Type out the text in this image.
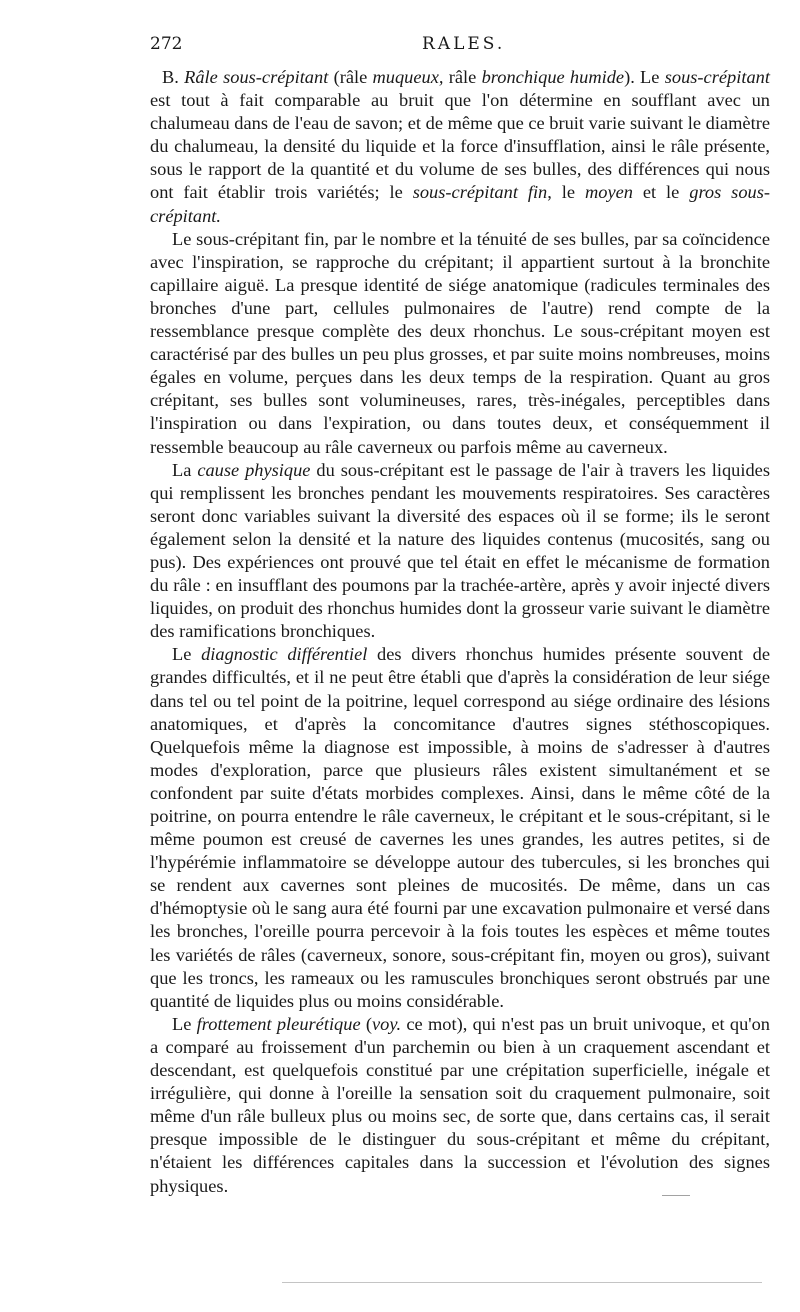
272	RALES.

B. Râle sous-crépitant (râle muqueux, râle bronchique humide). Le sous-crépitant est tout à fait comparable au bruit que l'on détermine en soufflant avec un chalumeau dans de l'eau de savon; et de même que ce bruit varie suivant le diamètre du chalumeau, la densité du liquide et la force d'insufflation, ainsi le râle présente, sous le rapport de la quantité et du volume de ses bulles, des différences qui nous ont fait établir trois variétés; le sous-crépitant fin, le moyen et le gros sous-crépitant.

Le sous-crépitant fin, par le nombre et la ténuité de ses bulles, par sa coïncidence avec l'inspiration, se rapproche du crépitant; il appartient surtout à la bronchite capillaire aiguë. La presque identité de siége anatomique (radicules terminales des bronches d'une part, cellules pulmonaires de l'autre) rend compte de la ressemblance presque complète des deux rhonchus. Le sous-crépitant moyen est caractérisé par des bulles un peu plus grosses, et par suite moins nombreuses, moins égales en volume, perçues dans les deux temps de la respiration. Quant au gros crépitant, ses bulles sont volumineuses, rares, très-inégales, perceptibles dans l'inspiration ou dans l'expiration, ou dans toutes deux, et conséquemment il ressemble beaucoup au râle caverneux ou parfois même au caverneux.

La cause physique du sous-crépitant est le passage de l'air à travers les liquides qui remplissent les bronches pendant les mouvements respiratoires. Ses caractères seront donc variables suivant la diversité des espaces où il se forme; ils le seront également selon la densité et la nature des liquides contenus (mucosités, sang ou pus). Des expériences ont prouvé que tel était en effet le mécanisme de formation du râle : en insufflant des poumons par la trachée-artère, après y avoir injecté divers liquides, on produit des rhonchus humides dont la grosseur varie suivant le diamètre des ramifications bronchiques.

Le diagnostic différentiel des divers rhonchus humides présente souvent de grandes difficultés, et il ne peut être établi que d'après la considération de leur siége dans tel ou tel point de la poitrine, lequel correspond au siége ordinaire des lésions anatomiques, et d'après la concomitance d'autres signes stéthoscopiques. Quelquefois même la diagnose est impossible, à moins de s'adresser à d'autres modes d'exploration, parce que plusieurs râles existent simultanément et se confondent par suite d'états morbides complexes. Ainsi, dans le même côté de la poitrine, on pourra entendre le râle caverneux, le crépitant et le sous-crépitant, si le même poumon est creusé de cavernes les unes grandes, les autres petites, si de l'hypérémie inflammatoire se développe autour des tubercules, si les bronches qui se rendent aux cavernes sont pleines de mucosités. De même, dans un cas d'hémoptysie où le sang aura été fourni par une excavation pulmonaire et versé dans les bronches, l'oreille pourra percevoir à la fois toutes les espèces et même toutes les variétés de râles (caverneux, sonore, sous-crépitant fin, moyen ou gros), suivant que les troncs, les rameaux ou les ramuscules bronchiques seront obstrués par une quantité de liquides plus ou moins considérable.

Le frottement pleurétique (voy. ce mot), qui n'est pas un bruit univoque, et qu'on a comparé au froissement d'un parchemin ou bien à un craquement ascendant et descendant, est quelquefois constitué par une crépitation superficielle, inégale et irrégulière, qui donne à l'oreille la sensation soit du craquement pulmonaire, soit même d'un râle bulleux plus ou moins sec, de sorte que, dans certains cas, il serait presque impossible de le distinguer du sous-crépitant et même du crépitant, n'étaient les différences capitales dans la succession et l'évolution des signes physiques.
